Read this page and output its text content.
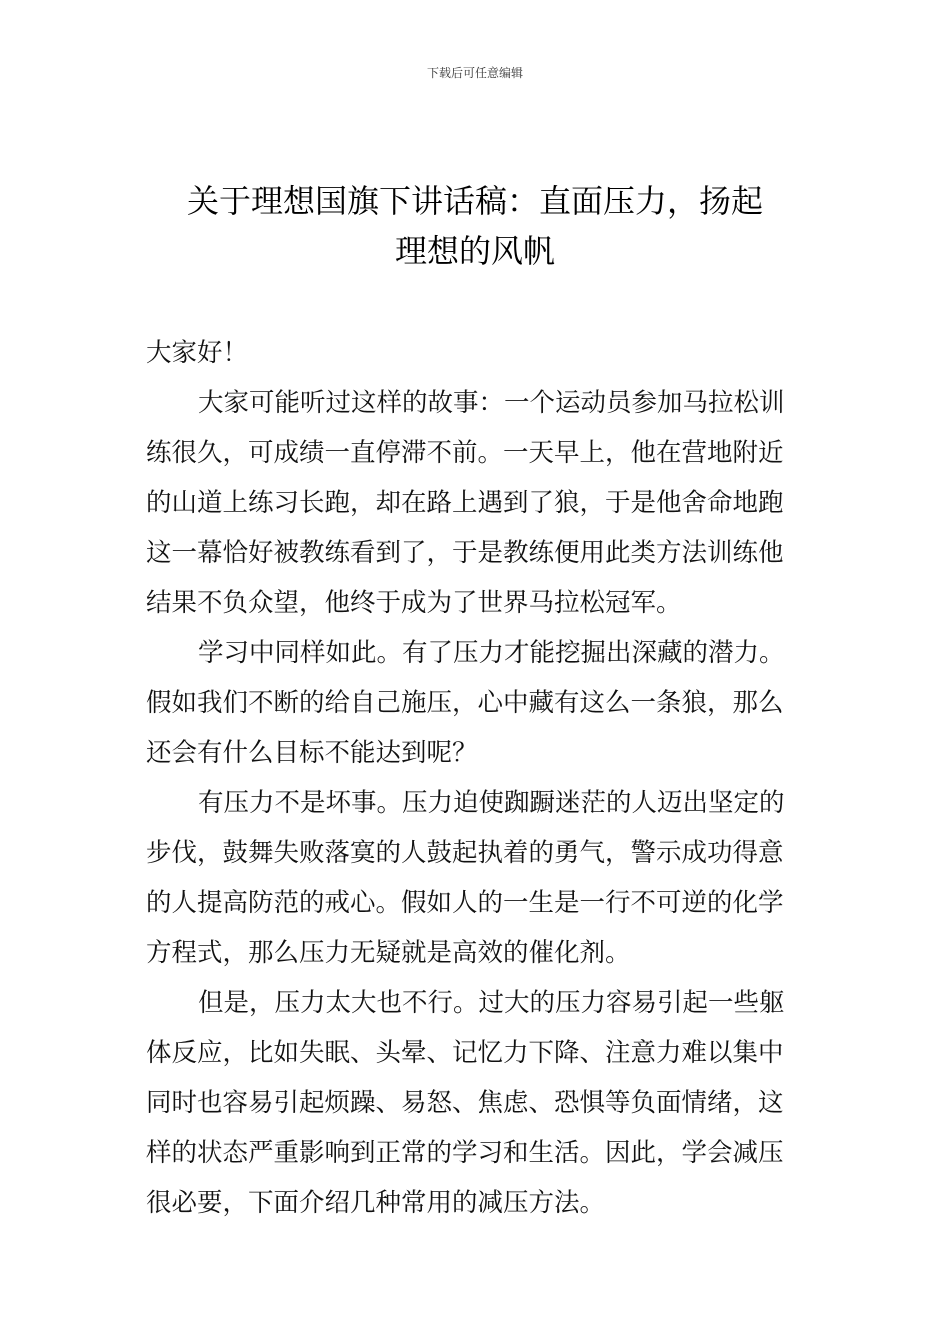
下载后可任意编辑
关于理想国旗下讲话稿：直面压力，扬起
理想的风帆
大家好！
大家可能听过这样的故事：一个运动员参加马拉松训
练很久，可成绩一直停滞不前。一天早上，他在营地附近
的山道上练习长跑，却在路上遇到了狼，于是他舍命地跑
这一幕恰好被教练看到了，于是教练便用此类方法训练他
结果不负众望，他终于成为了世界马拉松冠军。
学习中同样如此。有了压力才能挖掘出深藏的潜力。
假如我们不断的给自己施压，心中藏有这么一条狼，那么
还会有什么目标不能达到呢？
有压力不是坏事。压力迫使踟蹰迷茫的人迈出坚定的
步伐，鼓舞失败落寞的人鼓起执着的勇气，警示成功得意
的人提高防范的戒心。假如人的一生是一行不可逆的化学
方程式，那么压力无疑就是高效的催化剂。
但是，压力太大也不行。过大的压力容易引起一些躯
体反应，比如失眠、头晕、记忆力下降、注意力难以集中
同时也容易引起烦躁、易怒、焦虑、恐惧等负面情绪，这
样的状态严重影响到正常的学习和生活。因此，学会减压
很必要，下面介绍几种常用的减压方法。
